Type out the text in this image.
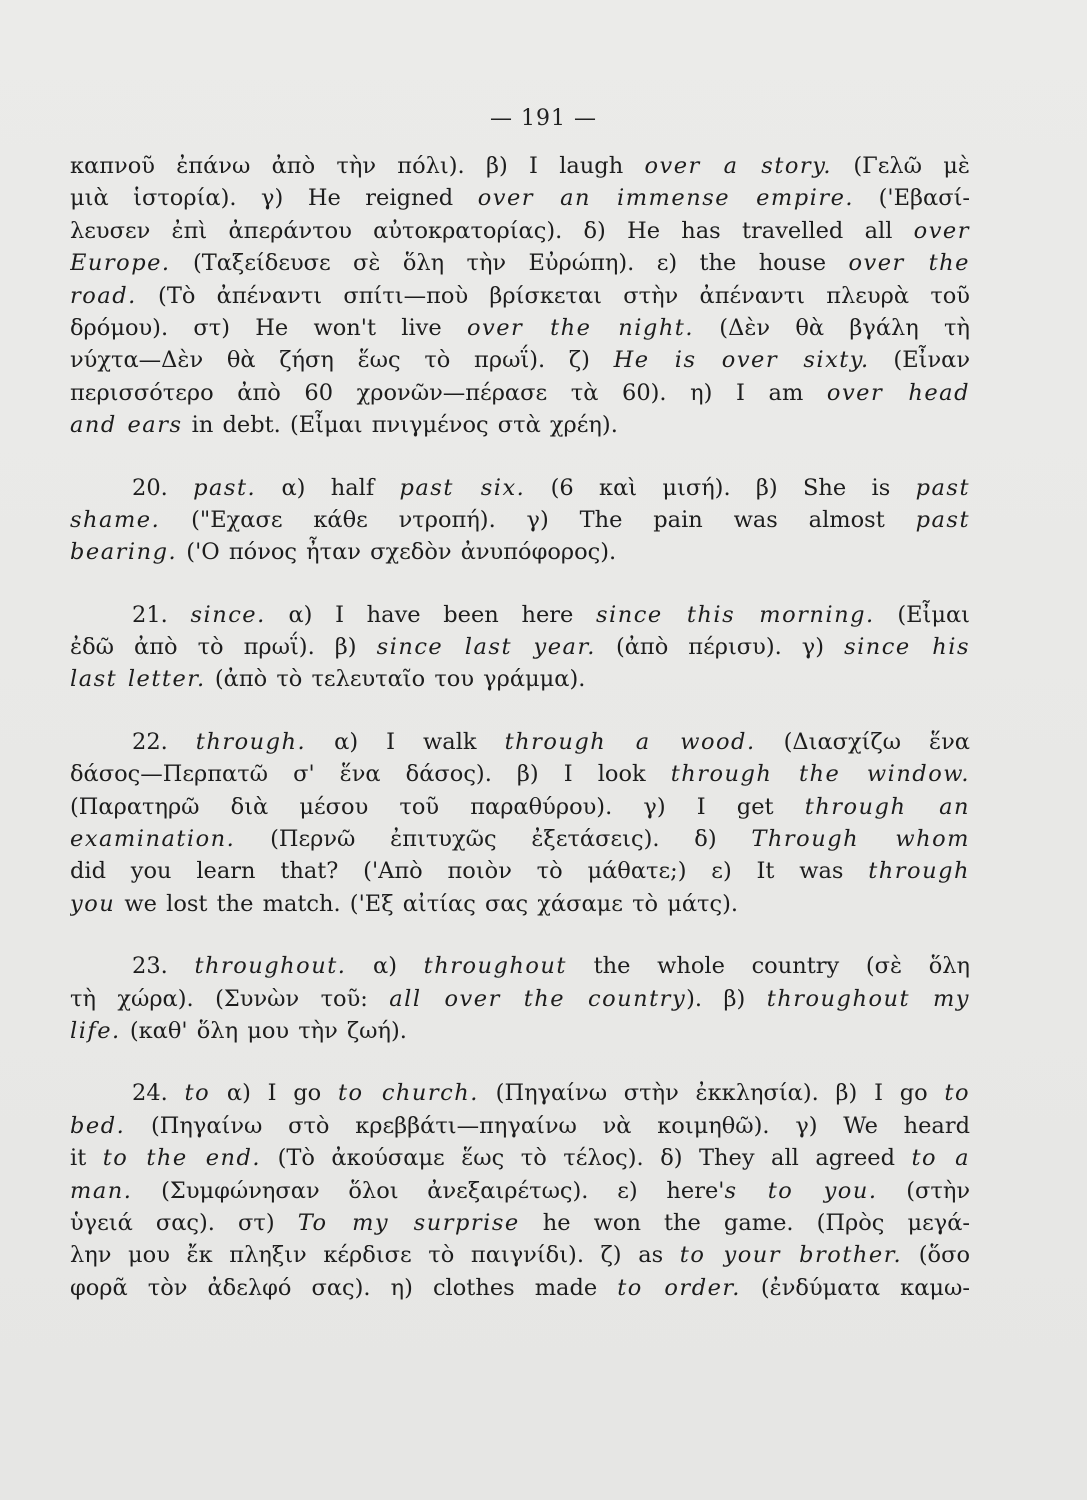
— 191 —
καπνοῦ ἐπάνω ἀπὸ τὴν πόλι). β) I laugh over a story. (Γελῶ μὲ
μιὰ ἱστορία). γ) He reigned over an immense empire. ('Εβασί-
λευσεν ἐπὶ ἀπεράντου αὐτοκρατορίας). δ) He has travelled all over
Europe. (Ταξείδευσε σὲ ὅλη τὴν Εὐρώπη). ε) the house over the
road. (Τὸ ἀπέναντι σπίτι—ποὺ βρίσκεται στὴν ἀπέναντι πλευρὰ τοῦ
δρόμου). στ) He won't live over the night. (Δὲν θὰ βγάλη τὴ
νύχτα—Δὲν θὰ ζήση ἕως τὸ πρωΐ). ζ) He is over sixty. (Εἶναν
περισσότερο ἀπὸ 60 χρονῶν—πέρασε τὰ 60). η) I am over head
and ears in debt. (Εἶμαι πνιγμένος στὰ χρέη).
20. past. α) half past six. (6 καὶ μισή). β) She is past
shame. ("Εχασε κάθε ντροπή). γ) The pain was almost past
bearing. ('Ο πόνος ἦταν σχεδὸν ἀνυπόφορος).
21. since. α) I have been here since this morning. (Εἶμαι
ἐδῶ ἀπὸ τὸ πρωΐ). β) since last year. (ἀπὸ πέρισυ). γ) since his
last letter. (ἀπὸ τὸ τελευταῖο του γράμμα).
22. through. α) I walk through a wood. (Διασχίζω ἕνα
δάσος—Περπατῶ σ' ἕνα δάσος). β) I look through the window.
(Παρατηρῶ διὰ μέσου τοῦ παραθύρου). γ) I get through an
examination. (Περνῶ ἐπιτυχῶς ἐξετάσεις). δ) Through whom
did you learn that? ('Απὸ ποιὸν τὸ μάθατε;) ε) It was through
you we lost the match. ('Εξ αἰτίας σας χάσαμε τὸ μάτς).
23. throughout. α) throughout the whole country (σὲ ὅλη
τὴ χώρα). (Συνὼν τοῦ: all over the country). β) throughout my
life. (καθ' ὅλη μου τὴν ζωή).
24. to α) I go to church. (Πηγαίνω στὴν ἐκκλησία). β) I go to
bed. (Πηγαίνω στὸ κρεββάτι—πηγαίνω νὰ κοιμηθῶ). γ) We heard
it to the end. (Τὸ ἀκούσαμε ἕως τὸ τέλος). δ) They all agreed to a
man. (Συμφώνησαν ὅλοι ἀνεξαιρέτως). ε) here's to you. (στὴν
ὑγειά σας). στ) To my surprise he won the game. (Πρὸς μεγά-
λην μου ἔκ πληξιν κέρδισε τὸ παιγνίδι). ζ) as to your brother. (ὅσο
φορᾶ τὸν ἀδελφό σας). η) clothes made to order. (ἐνδύματα καμω-
